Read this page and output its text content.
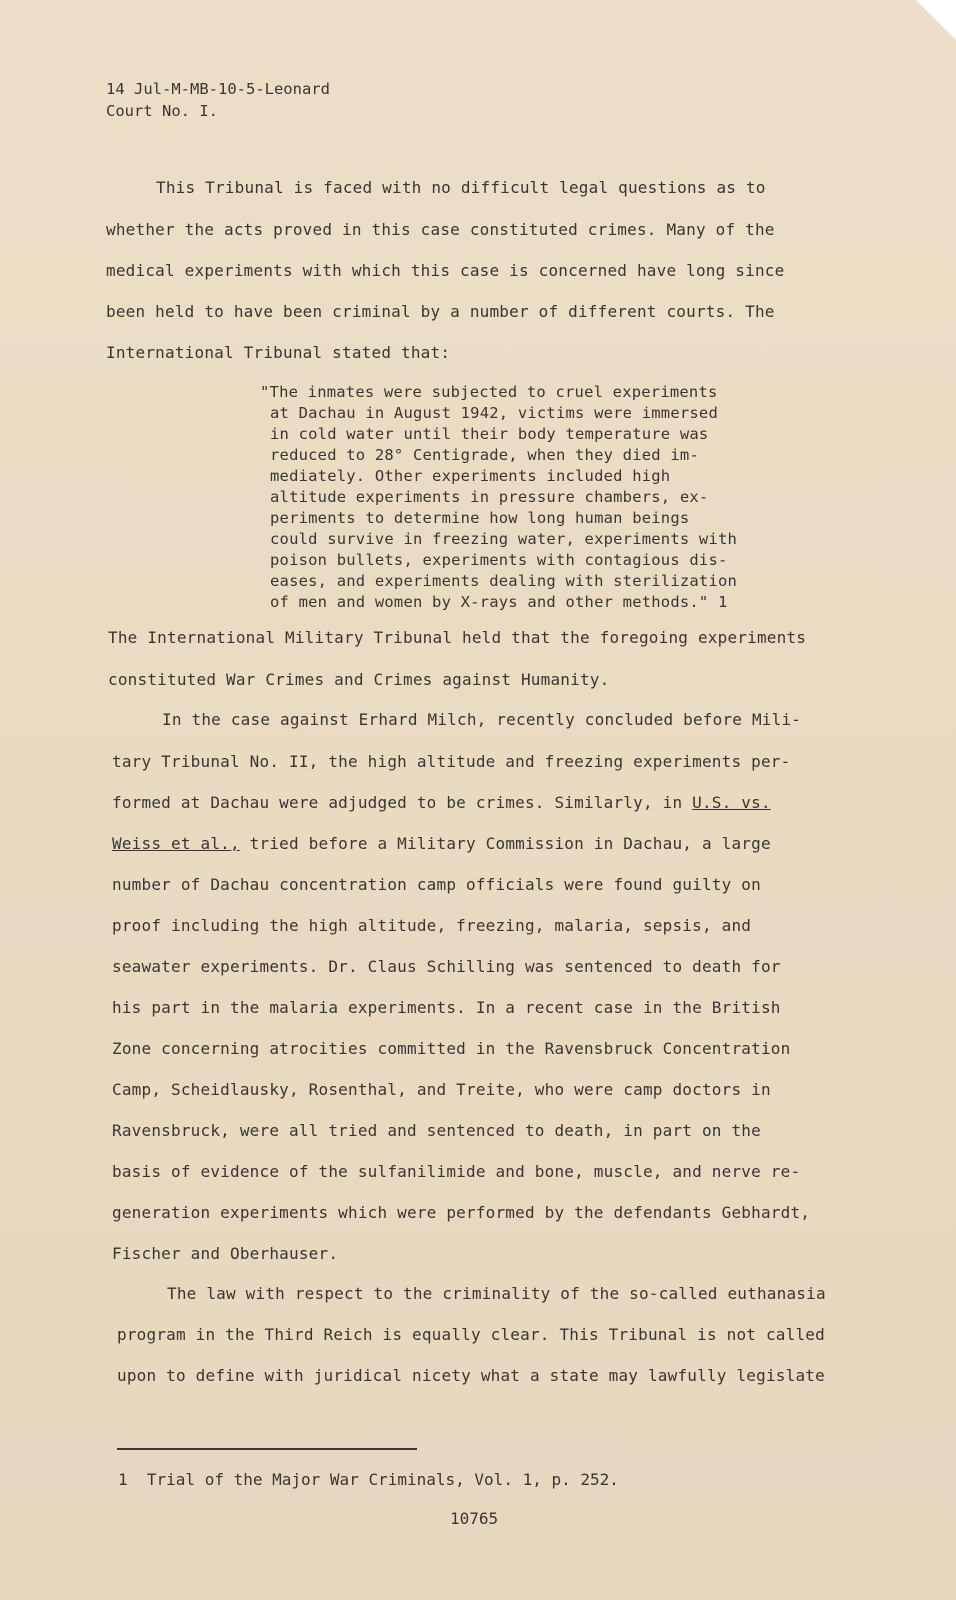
14 Jul-M-MB-10-5-Leonard
Court No. I.
This Tribunal is faced with no difficult legal questions as to
whether the acts proved in this case constituted crimes. Many of the
medical experiments with which this case is concerned have long since
been held to have been criminal by a number of different courts. The
International Tribunal stated that:
"The inmates were subjected to cruel experiments
at Dachau in August 1942, victims were immersed
in cold water until their body temperature was
reduced to 28° Centigrade, when they died im-
mediately. Other experiments included high
altitude experiments in pressure chambers, ex-
periments to determine how long human beings
could survive in freezing water, experiments with
poison bullets, experiments with contagious dis-
eases, and experiments dealing with sterilization
of men and women by X-rays and other methods." 1
The International Military Tribunal held that the foregoing experiments
constituted War Crimes and Crimes against Humanity.
In the case against Erhard Milch, recently concluded before Mili-
tary Tribunal No. II, the high altitude and freezing experiments per-
formed at Dachau were adjudged to be crimes. Similarly, in U.S. vs.
Weiss et al., tried before a Military Commission in Dachau, a large
number of Dachau concentration camp officials were found guilty on
proof including the high altitude, freezing, malaria, sepsis, and
seawater experiments. Dr. Claus Schilling was sentenced to death for
his part in the malaria experiments. In a recent case in the British
Zone concerning atrocities committed in the Ravensbruck Concentration
Camp, Scheidlausky, Rosenthal, and Treite, who were camp doctors in
Ravensbruck, were all tried and sentenced to death, in part on the
basis of evidence of the sulfanilimide and bone, muscle, and nerve re-
generation experiments which were performed by the defendants Gebhardt,
Fischer and Oberhauser.
The law with respect to the criminality of the so-called euthanasia
program in the Third Reich is equally clear. This Tribunal is not called
upon to define with juridical nicety what a state may lawfully legislate
1  Trial of the Major War Criminals, Vol. 1, p. 252.
10765
